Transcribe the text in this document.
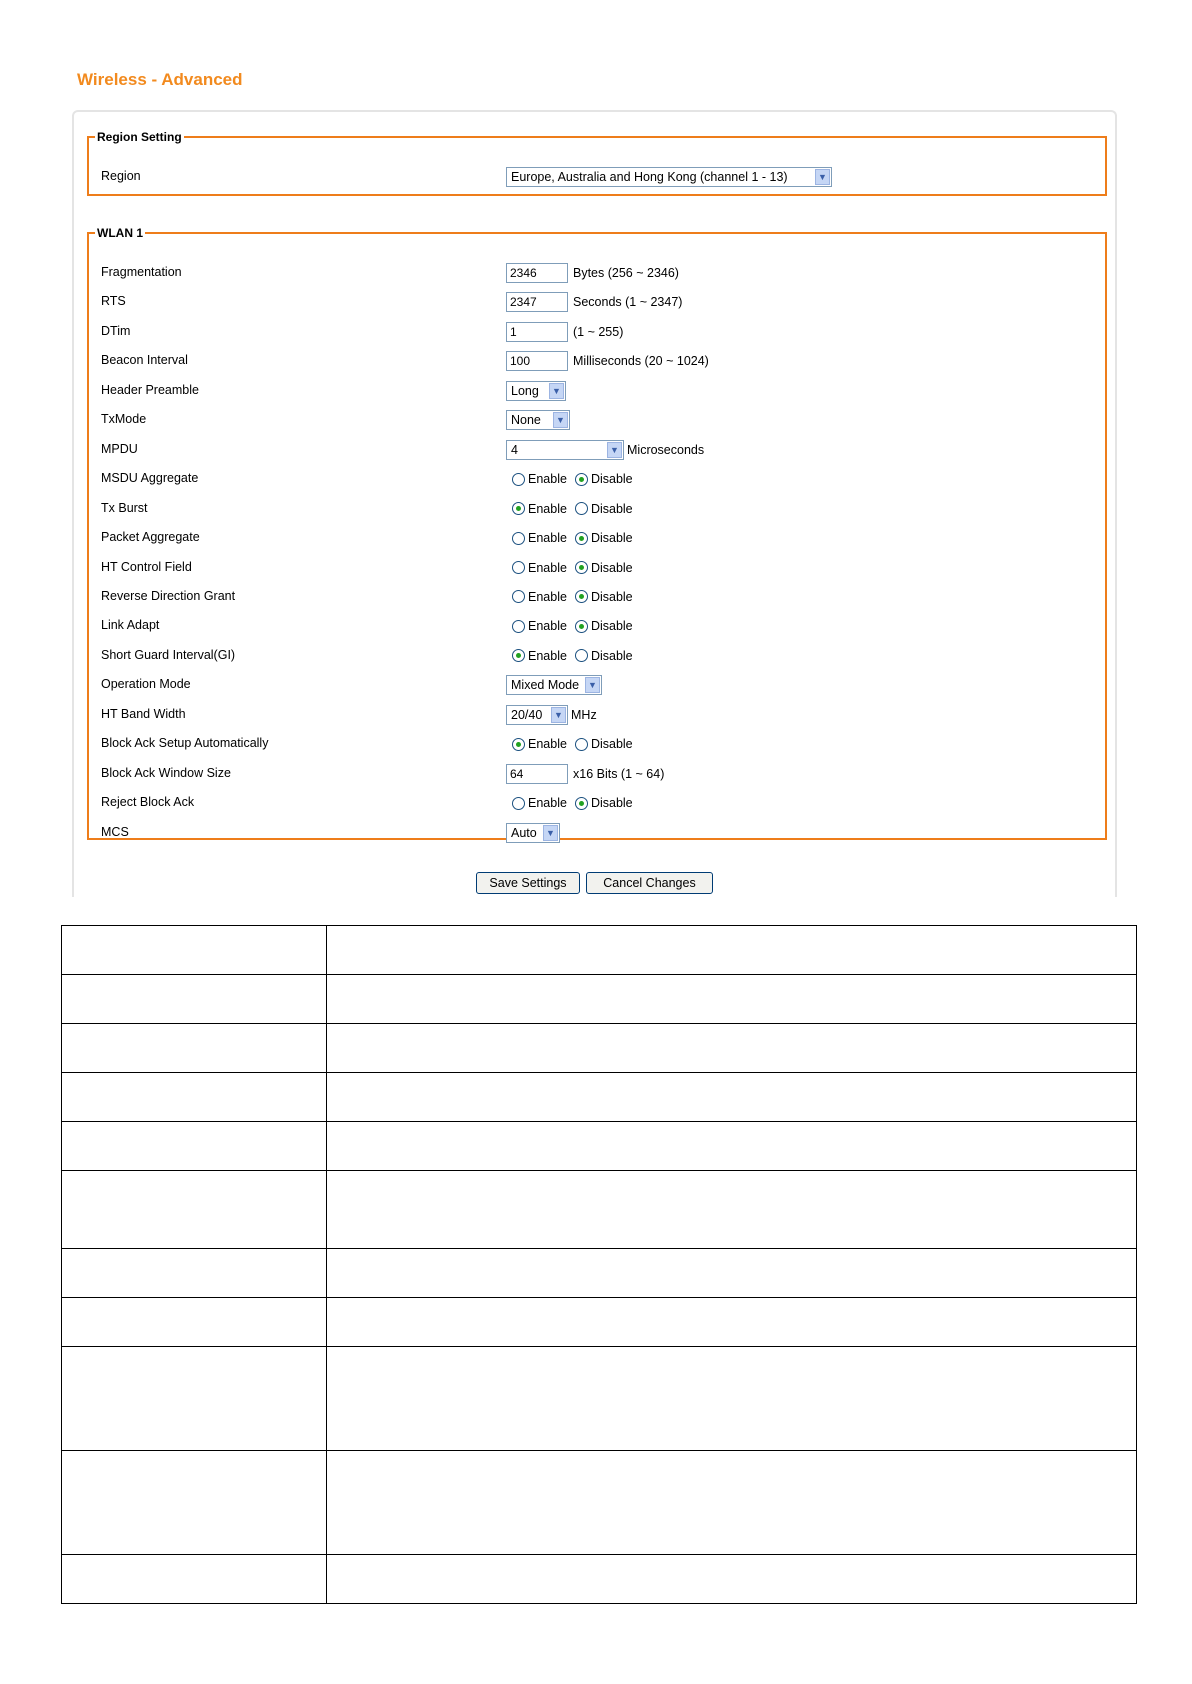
Wireless - Advanced
Region Setting
Region	Europe, Australia and Hong Kong (channel 1 - 13)	▼
WLAN 1
Fragmentation	2346	Bytes (256 ~ 2346)
RTS	2347	Seconds (1 ~ 2347)
DTim	1	(1 ~ 255)
Beacon Interval	100	Milliseconds (20 ~ 1024)
Header Preamble	Long	▼
TxMode	None	▼
MPDU	4	▼ Microseconds
MSDU Aggregate	Enable Disable
Tx Burst	Enable Disable
Packet Aggregate	Enable Disable
HT Control Field	Enable Disable
Reverse Direction Grant	Enable Disable
Link Adapt	Enable Disable
Short Guard Interval(GI)	Enable Disable
Operation Mode	Mixed Mode ▼
HT Band Width	20/40	▼ MHz
Block Ack Setup Automatically	Enable Disable
Block Ack Window Size	64	x16 Bits (1 ~ 64)
Reject Block Ack	Enable Disable
MCS	Auto	▼
Save Settings	Cancel Changes
